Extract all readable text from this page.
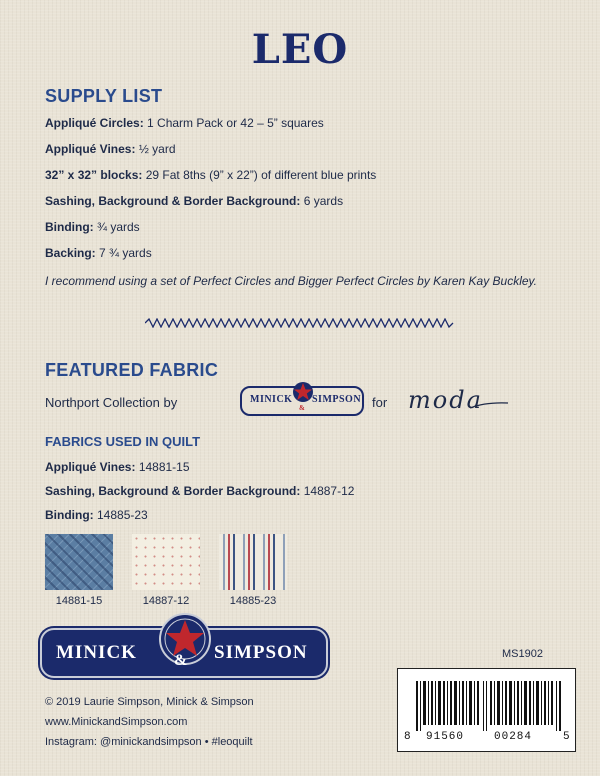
LEO
SUPPLY LIST
Appliqué Circles: 1 Charm Pack or 42 – 5” squares
Appliqué Vines: ½ yard
32” x 32” blocks: 29 Fat 8ths (9” x 22”) of different blue prints
Sashing, Background & Border Background: 6 yards
Binding: ¾ yards
Backing: 7 ¾ yards
I recommend using a set of Perfect Circles and Bigger Perfect Circles by Karen Kay Buckley.
FEATURED FABRIC
Northport Collection by	MINICK
&
SIMPSON for moda
FABRICS USED IN QUILT
Appliqué Vines: 14881-15
Sashing, Background & Border Background: 14887-12
Binding: 14885-23
14881-15	14887-12	14885-23
MINICK & SIMPSON	MS1902
© 2019 Laurie Simpson, Minick & Simpson
www.MinickandSimpson.com
Instagram: @minickandsimpson • #leoquilt	8 91560	00284	5
